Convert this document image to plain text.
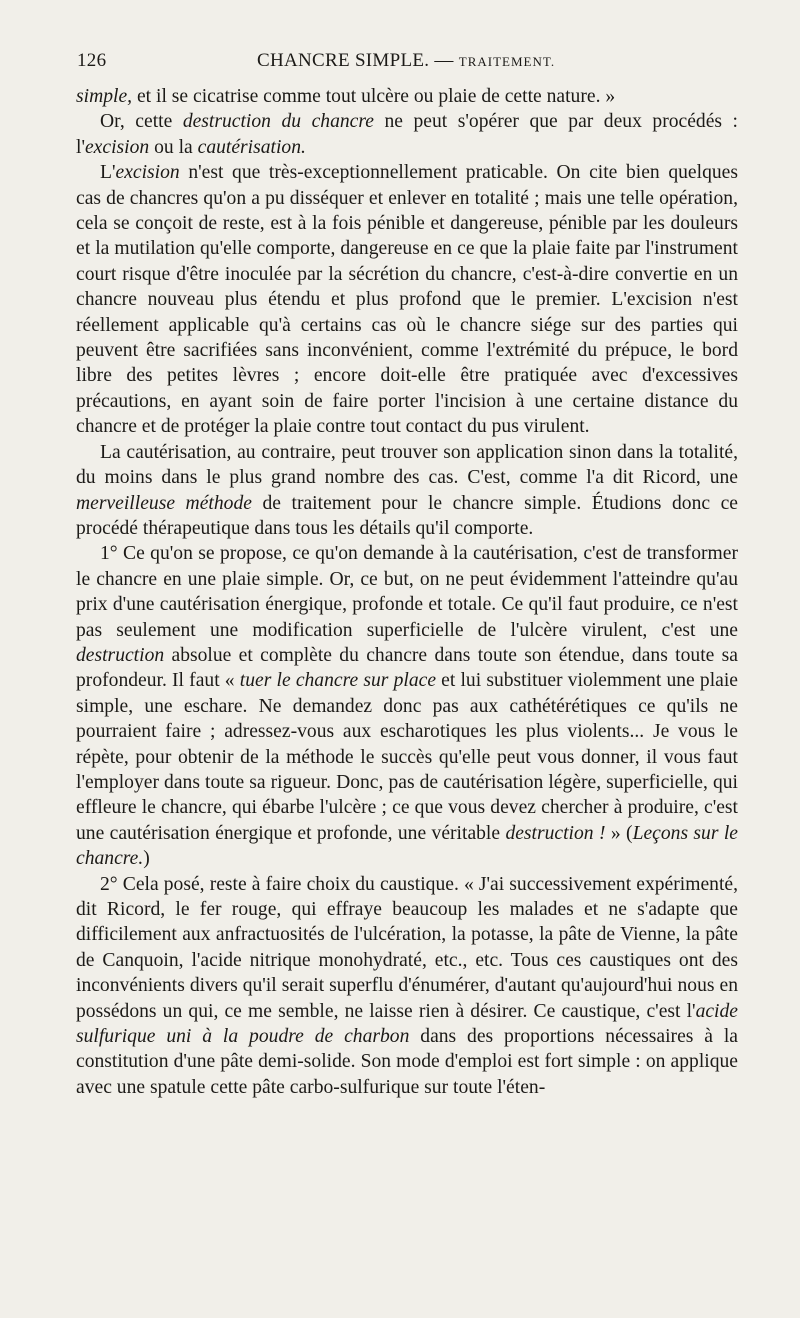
126	CHANCRE SIMPLE. — TRAITEMENT.

simple, et il se cicatrise comme tout ulcère ou plaie de cette nature. »

Or, cette destruction du chancre ne peut s'opérer que par deux procédés : l'excision ou la cautérisation.

L'excision n'est que très-exceptionnellement praticable. On cite bien quelques cas de chancres qu'on a pu disséquer et enlever en totalité ; mais une telle opération, cela se conçoit de reste, est à la fois pénible et dangereuse, pénible par les douleurs et la mutilation qu'elle comporte, dangereuse en ce que la plaie faite par l'instrument court risque d'être inoculée par la sécrétion du chancre, c'est-à-dire convertie en un chancre nouveau plus étendu et plus profond que le premier. L'excision n'est réellement applicable qu'à certains cas où le chancre siége sur des parties qui peuvent être sacrifiées sans inconvénient, comme l'extrémité du prépuce, le bord libre des petites lèvres ; encore doit-elle être pratiquée avec d'excessives précautions, en ayant soin de faire porter l'incision à une certaine distance du chancre et de protéger la plaie contre tout contact du pus virulent.

La cautérisation, au contraire, peut trouver son application sinon dans la totalité, du moins dans le plus grand nombre des cas. C'est, comme l'a dit Ricord, une merveilleuse méthode de traitement pour le chancre simple. Étudions donc ce procédé thérapeutique dans tous les détails qu'il comporte.

1° Ce qu'on se propose, ce qu'on demande à la cautérisation, c'est de transformer le chancre en une plaie simple. Or, ce but, on ne peut évidemment l'atteindre qu'au prix d'une cautérisation énergique, profonde et totale. Ce qu'il faut produire, ce n'est pas seulement une modification superficielle de l'ulcère virulent, c'est une destruction absolue et complète du chancre dans toute son étendue, dans toute sa profondeur. Il faut « tuer le chancre sur place et lui substituer violemment une plaie simple, une eschare. Ne demandez donc pas aux cathétérétiques ce qu'ils ne pourraient faire ; adressez-vous aux escharotiques les plus violents... Je vous le répète, pour obtenir de la méthode le succès qu'elle peut vous donner, il vous faut l'employer dans toute sa rigueur. Donc, pas de cautérisation légère, superficielle, qui effleure le chancre, qui ébarbe l'ulcère ; ce que vous devez chercher à produire, c'est une cautérisation énergique et profonde, une véritable destruction ! » (Leçons sur le chancre.)

2° Cela posé, reste à faire choix du caustique. « J'ai successivement expérimenté, dit Ricord, le fer rouge, qui effraye beaucoup les malades et ne s'adapte que difficilement aux anfractuosités de l'ulcération, la potasse, la pâte de Vienne, la pâte de Canquoin, l'acide nitrique monohydraté, etc., etc. Tous ces caustiques ont des inconvénients divers qu'il serait superflu d'énumérer, d'autant qu'aujourd'hui nous en possédons un qui, ce me semble, ne laisse rien à désirer. Ce caustique, c'est l'acide sulfurique uni à la poudre de charbon dans des proportions nécessaires à la constitution d'une pâte demi-solide. Son mode d'emploi est fort simple : on applique avec une spatule cette pâte carbo-sulfurique sur toute l'éten-
